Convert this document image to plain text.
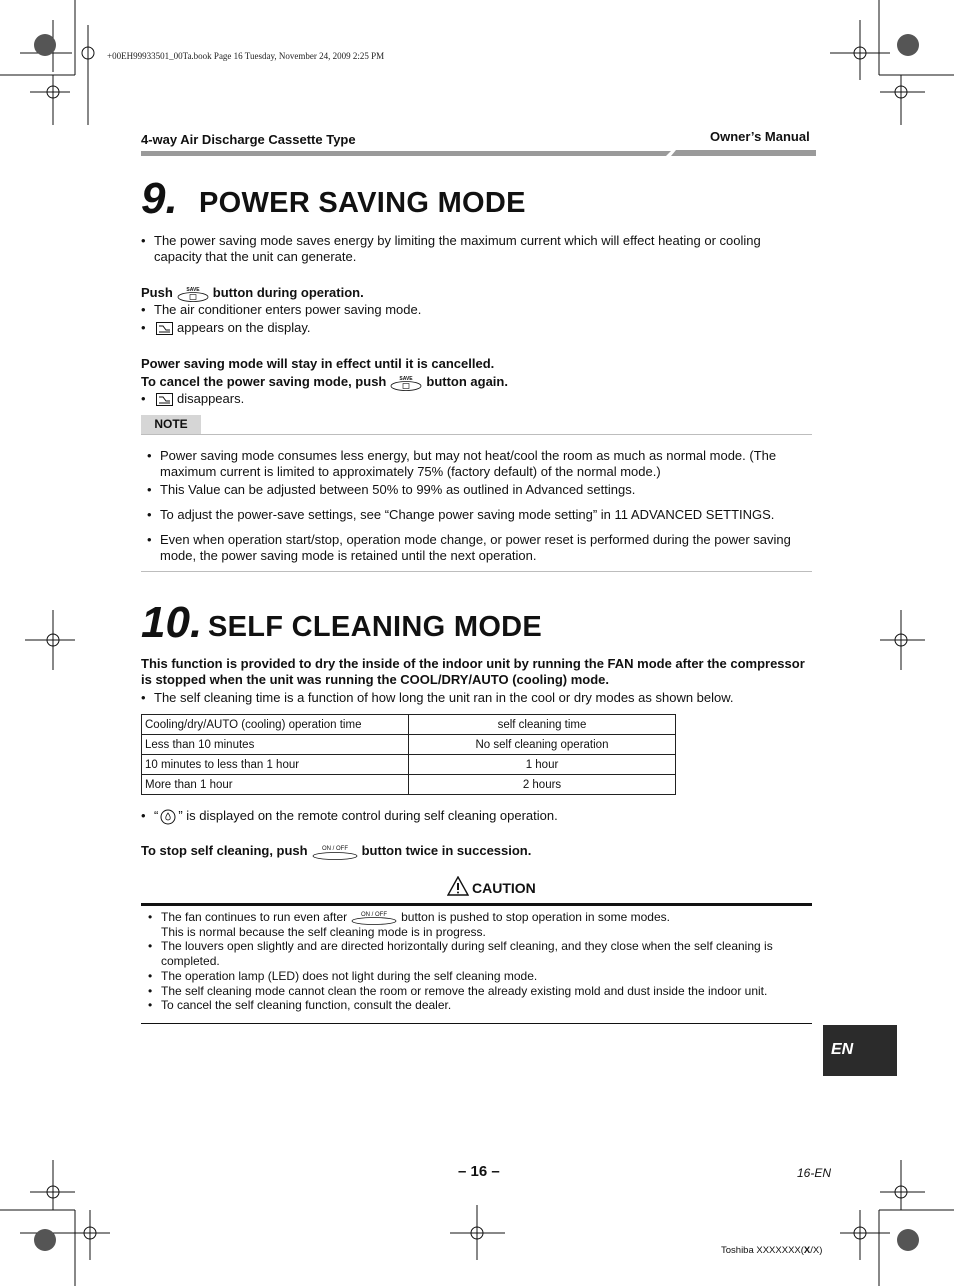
+00EH99933501_00Ta.book Page 16 Tuesday, November 24, 2009 2:25 PM
4-way Air Discharge Cassette Type	Owner’s Manual
9. POWER SAVING MODE
• The power saving mode saves energy by limiting the maximum current which will effect heating or cooling
capacity that the unit can generate.
Push	SAVE button during operation.
• The air conditioner enters power saving mode.
•	appears on the display.
Power saving mode will stay in effect until it is cancelled.
To cancel the power saving mode, push	SAVE button again.
•	disappears.
NOTE
• Power saving mode consumes less energy, but may not heat/cool the room as much as normal mode. (The
maximum current is limited to approximately 75% (factory default) of the normal mode.)
• This Value can be adjusted between 50% to 99% as outlined in Advanced settings.
• To adjust the power-save settings, see “Change power saving mode setting” in 11 ADVANCED SETTINGS.
• Even when operation start/stop, operation mode change, or power reset is performed during the power saving
mode, the power saving mode is retained until the next operation.
10. SELF CLEANING MODE
This function is provided to dry the inside of the indoor unit by running the FAN mode after the compressor
is stopped when the unit was running the COOL/DRY/AUTO (cooling) mode.
• The self cleaning time is a function of how long the unit ran in the cool or dry modes as shown below.
Cooling/dry/AUTO (cooling) operation time	self cleaning time
Less than 10 minutes	No self cleaning operation
10 minutes to less than 1 hour	1 hour
More than 1 hour	2 hours
• “ ” is displayed on the remote control during self cleaning operation.
To stop self cleaning, push ON / OFF button twice in succession.
CAUTION
• The fan continues to run even after ON / OFF button is pushed to stop operation in some modes.
This is normal because the self cleaning mode is in progress.
• The louvers open slightly and are directed horizontally during self cleaning, and they close when the self cleaning is
completed.
• The operation lamp (LED) does not light during the self cleaning mode.
• The self cleaning mode cannot clean the room or remove the already existing mold and dust inside the indoor unit.
• To cancel the self cleaning function, consult the dealer.
EN
– 16 –	16-EN
Toshiba XXXXXXX(X/X)
